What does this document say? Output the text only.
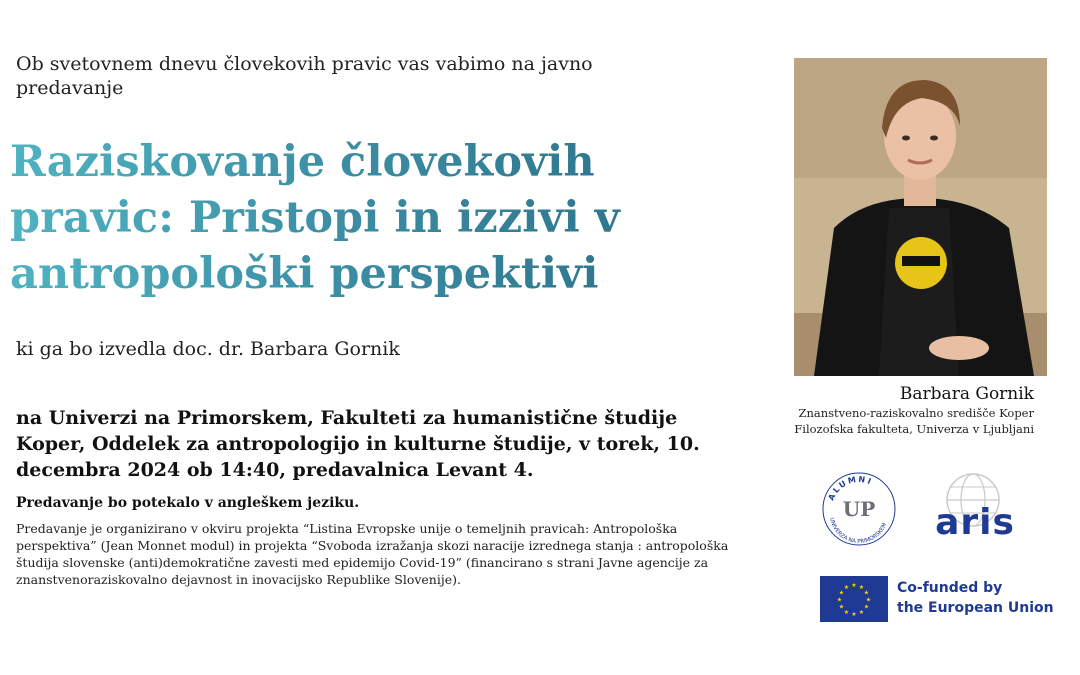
Ob svetovnem dnevu človekovih pravic vas vabimo na javno predavanje
Raziskovanje človekovih
pravic: Pristopi in izzivi v
antropološki perspektivi
ki ga bo izvedla doc. dr. Barbara Gornik
na Univerzi na Primorskem, Fakulteti za humanistične študije Koper, Oddelek za antropologijo in kulturne študije, v torek, 10. decembra 2024 ob 14:40, predavalnica Levant 4.
Predavanje bo potekalo v angleškem jeziku.
Predavanje je organizirano v okviru projekta “Listina Evropske unije o temeljnih pravicah: Antropološka perspektiva” (Jean Monnet modul) in projekta “Svoboda izražanja skozi naracije izrednega stanja : antropološka študija slovenske (anti)demokratične zavesti med epidemijo Covid-19” (financirano s strani Javne agencije za znanstvenoraziskovalno dejavnost in inovacijsko Republike Slovenije).
Barbara Gornik
Znanstveno-raziskovalno središče Koper
Filozofska fakulteta, Univerza v Ljubljani
ALUMNI
UNIVERZA NA PRIMORSKEM
UP aris
★ ★
★
★
★
★
★
★
★
★
★
★	Co-funded by
the European Union
